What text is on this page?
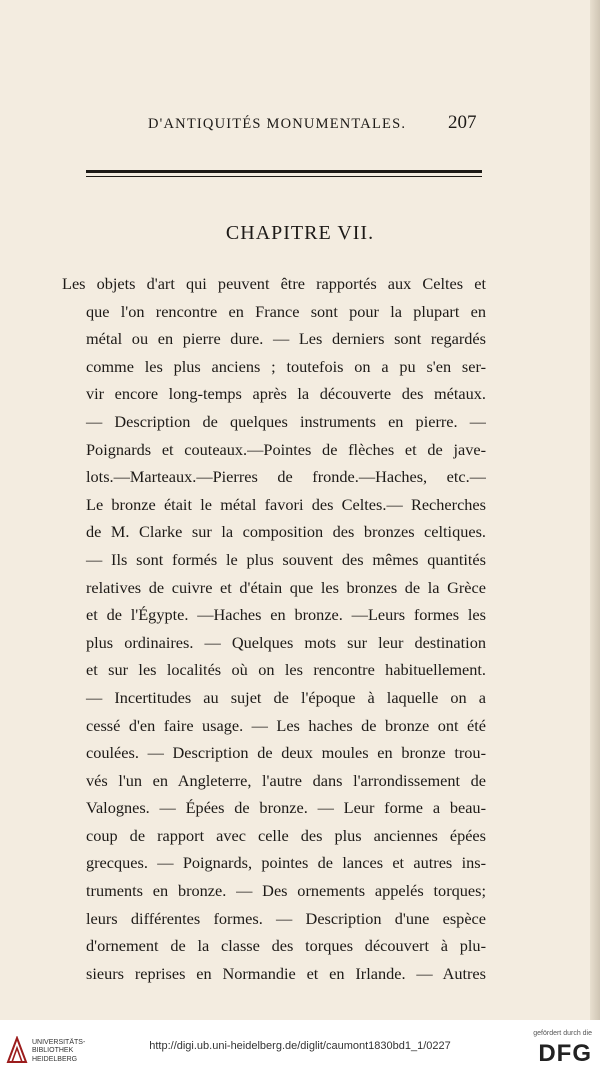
D'ANTIQUITÉS MONUMENTALES. 207
CHAPITRE VII.
Les objets d'art qui peuvent être rapportés aux Celtes et
que l'on rencontre en France sont pour la plupart en
métal ou en pierre dure. — Les derniers sont regardés
comme les plus anciens ; toutefois on a pu s'en ser-
vir encore long-temps après la découverte des métaux.
— Description de quelques instruments en pierre. —
Poignards et couteaux.—Pointes de flèches et de jave-
lots.—Marteaux.—Pierres de fronde.—Haches, etc.—
Le bronze était le métal favori des Celtes.— Recherches
de M. Clarke sur la composition des bronzes celtiques.
— Ils sont formés le plus souvent des mêmes quantités
relatives de cuivre et d'étain que les bronzes de la Grèce
et de l'Égypte. —Haches en bronze. —Leurs formes les
plus ordinaires. — Quelques mots sur leur destination
et sur les localités où on les rencontre habituellement.
— Incertitudes au sujet de l'époque à laquelle on a
cessé d'en faire usage. — Les haches de bronze ont été
coulées. — Description de deux moules en bronze trou-
vés l'un en Angleterre, l'autre dans l'arrondissement de
Valognes. — Épées de bronze. — Leur forme a beau-
coup de rapport avec celle des plus anciennes épées
grecques. — Poignards, pointes de lances et autres ins-
truments en bronze. — Des ornements appelés torques;
leurs différentes formes. — Description d'une espèce
d'ornement de la classe des torques découvert à plu-
sieurs reprises en Normandie et en Irlande. — Autres
UNIVERSITÄTS-
BIBLIOTHEK
HEIDELBERG
http://digi.ub.uni-heidelberg.de/diglit/caumont1830bd1_1/0227
gefördert durch die
DFG
